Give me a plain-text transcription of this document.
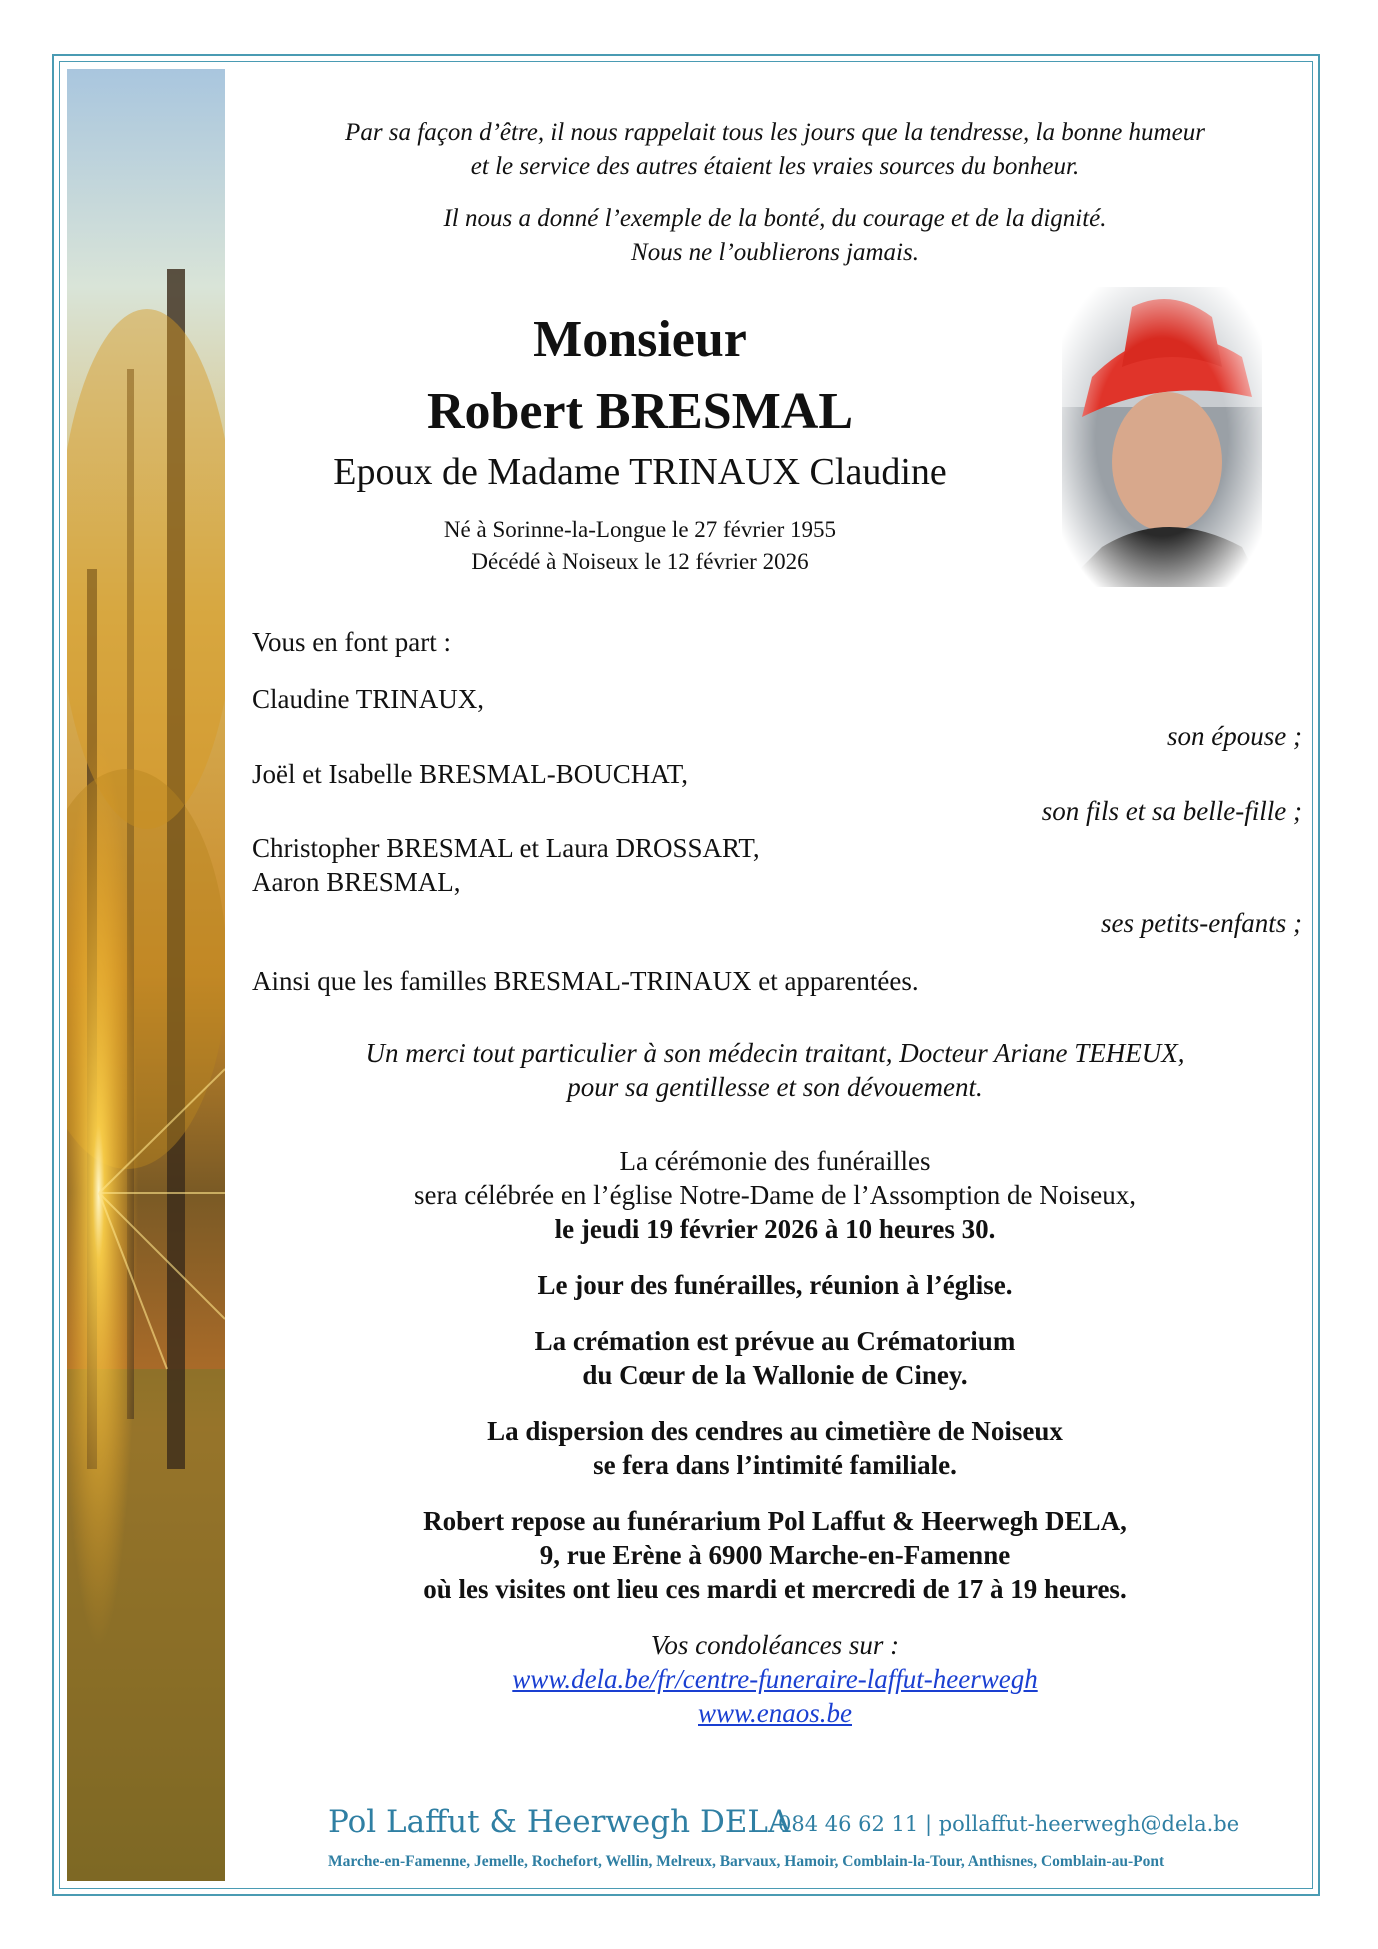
Par sa façon d’être, il nous rappelait tous les jours que la tendresse, la bonne humeur
et le service des autres étaient les vraies sources du bonheur.
Il nous a donné l’exemple de la bonté, du courage et de la dignité.
Nous ne l’oublierons jamais.
Monsieur
Robert BRESMAL
Epoux de Madame TRINAUX Claudine
Né à Sorinne-la-Longue le 27 février 1955
Décédé à Noiseux le 12 février 2026
Vous en font part :
Claudine TRINAUX,
son épouse ;
Joël et Isabelle BRESMAL-BOUCHAT,
son fils et sa belle-fille ;
Christopher BRESMAL et Laura DROSSART,
Aaron BRESMAL,
ses petits-enfants ;
Ainsi que les familles BRESMAL-TRINAUX et apparentées.
Un merci tout particulier à son médecin traitant, Docteur Ariane TEHEUX,
pour sa gentillesse et son dévouement.
La cérémonie des funérailles
sera célébrée en l’église Notre-Dame de l’Assomption de Noiseux,
le jeudi 19 février 2026 à 10 heures 30.
Le jour des funérailles, réunion à l’église.
La crémation est prévue au Crématorium
du Cœur de la Wallonie de Ciney.
La dispersion des cendres au cimetière de Noiseux
se fera dans l’intimité familiale.
Robert repose au funérarium Pol Laffut & Heerwegh DELA,
9, rue Erène à 6900 Marche-en-Famenne
où les visites ont lieu ces mardi et mercredi de 17 à 19 heures.
Vos condoléances sur :
www.dela.be/fr/centre-funeraire-laffut-heerwegh
www.enaos.be
Pol Laffut & Heerwegh DELA
084 46 62 11 | pollaffut-heerwegh@dela.be
Marche-en-Famenne, Jemelle, Rochefort, Wellin, Melreux, Barvaux, Hamoir, Comblain-la-Tour, Anthisnes, Comblain-au-Pont
